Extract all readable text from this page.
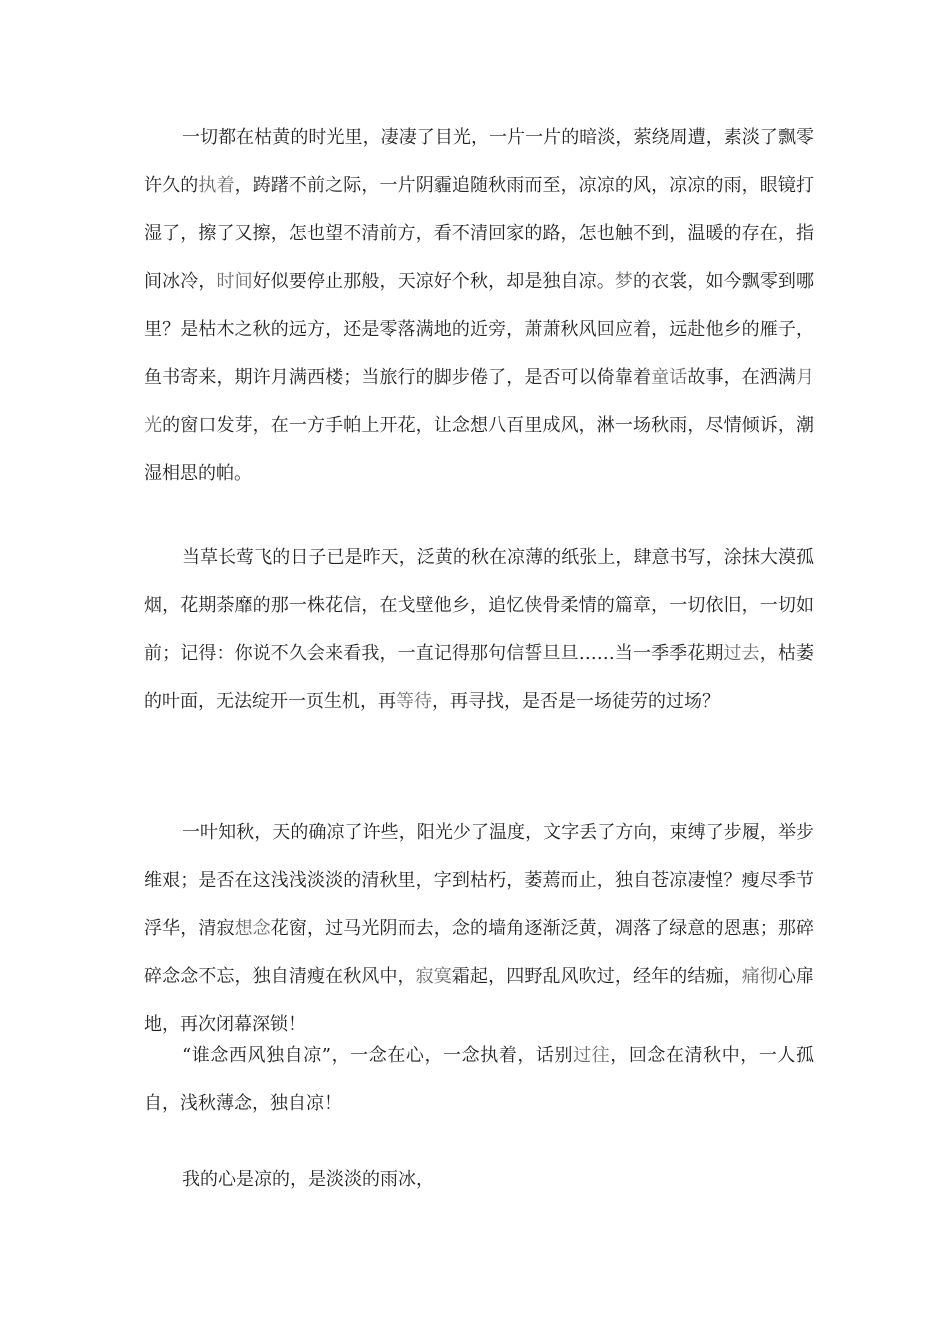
一切都在枯黄的时光里，凄凄了目光，一片一片的暗淡，萦绕周遭，素淡了飘零许久的执着，踌躇不前之际，一片阴霾追随秋雨而至，凉凉的风，凉凉的雨，眼镜打湿了，擦了又擦，怎也望不清前方，看不清回家的路，怎也触不到，温暖的存在，指间冰冷，时间好似要停止那般，天凉好个秋，却是独自凉。梦的衣裳，如今飘零到哪里？是枯木之秋的远方，还是零落满地的近旁，萧萧秋风回应着，远赴他乡的雁子，鱼书寄来，期许月满西楼；当旅行的脚步倦了，是否可以倚靠着童话故事，在洒满月光的窗口发芽，在一方手帕上开花，让念想八百里成风，淋一场秋雨，尽情倾诉，潮湿相思的帕。

当草长莺飞的日子已是昨天，泛黄的秋在凉薄的纸张上，肆意书写，涂抹大漠孤烟，花期荼靡的那一株花信，在戈壁他乡，追忆侠骨柔情的篇章，一切依旧，一切如前；记得：你说不久会来看我，一直记得那句信誓旦旦……当一季季花期过去，枯萎的叶面，无法绽开一页生机，再等待，再寻找，是否是一场徒劳的过场？

一叶知秋，天的确凉了许些，阳光少了温度，文字丢了方向，束缚了步履，举步维艰；是否在这浅浅淡淡的清秋里，字到枯朽，萎蔫而止，独自苍凉凄惶？瘦尽季节浮华，清寂想念花窗，过马光阴而去，念的墙角逐渐泛黄，凋落了绿意的恩惠；那碎碎念念不忘，独自清瘦在秋风中，寂寞霜起，四野乱风吹过，经年的结痂，痛彻心扉地，再次闭幕深锁！

“谁念西风独自凉”，一念在心，一念执着，话别过往，回念在清秋中，一人孤自，浅秋薄念，独自凉！

我的心是凉的，是淡淡的雨冰，
